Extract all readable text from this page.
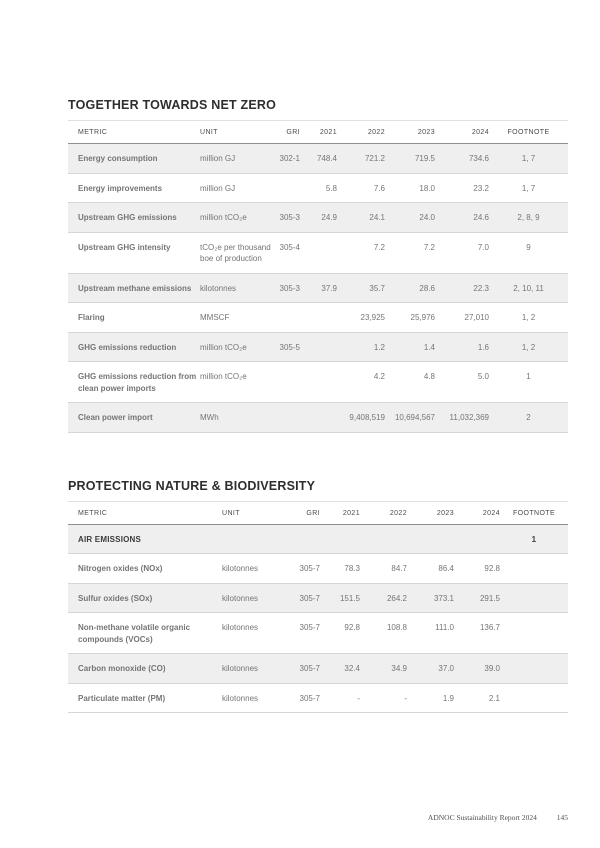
TOGETHER TOWARDS NET ZERO
METRIC	UNIT	GRI	2021	2022	2023	2024	FOOTNOTE
Energy consumption	million GJ	302-1	748.4	721.2	719.5	734.6	1, 7
Energy improvements	million GJ		5.8	7.6	18.0	23.2	1, 7
Upstream GHG emissions	million tCO₂e	305-3	24.9	24.1	24.0	24.6	2, 8, 9
Upstream GHG intensity	tCO₂e per thousand boe of production	305-4		7.2	7.2	7.0	9
Upstream methane emissions	kilotonnes	305-3	37.9	35.7	28.6	22.3	2, 10, 11
Flaring	MMSCF			23,925	25,976	27,010	1, 2
GHG emissions reduction	million tCO₂e	305-5		1.2	1.4	1.6	1, 2
GHG emissions reduction from clean power imports	million tCO₂e			4.2	4.8	5.0	1
Clean power import	MWh			9,408,519	10,694,567	11,032,369	2
PROTECTING NATURE & BIODIVERSITY
METRIC	UNIT	GRI	2021	2022	2023	2024	FOOTNOTE
AIR EMISSIONS							1
Nitrogen oxides (NOx)	kilotonnes	305-7	78.3	84.7	86.4	92.8	
Sulfur oxides (SOx)	kilotonnes	305-7	151.5	264.2	373.1	291.5	
Non-methane volatile organic compounds (VOCs)	kilotonnes	305-7	92.8	108.8	111.0	136.7	
Carbon monoxide (CO)	kilotonnes	305-7	32.4	34.9	37.0	39.0	
Particulate matter (PM)	kilotonnes	305-7	-	-	1.9	2.1	
ADNOC Sustainability Report 2024	145
